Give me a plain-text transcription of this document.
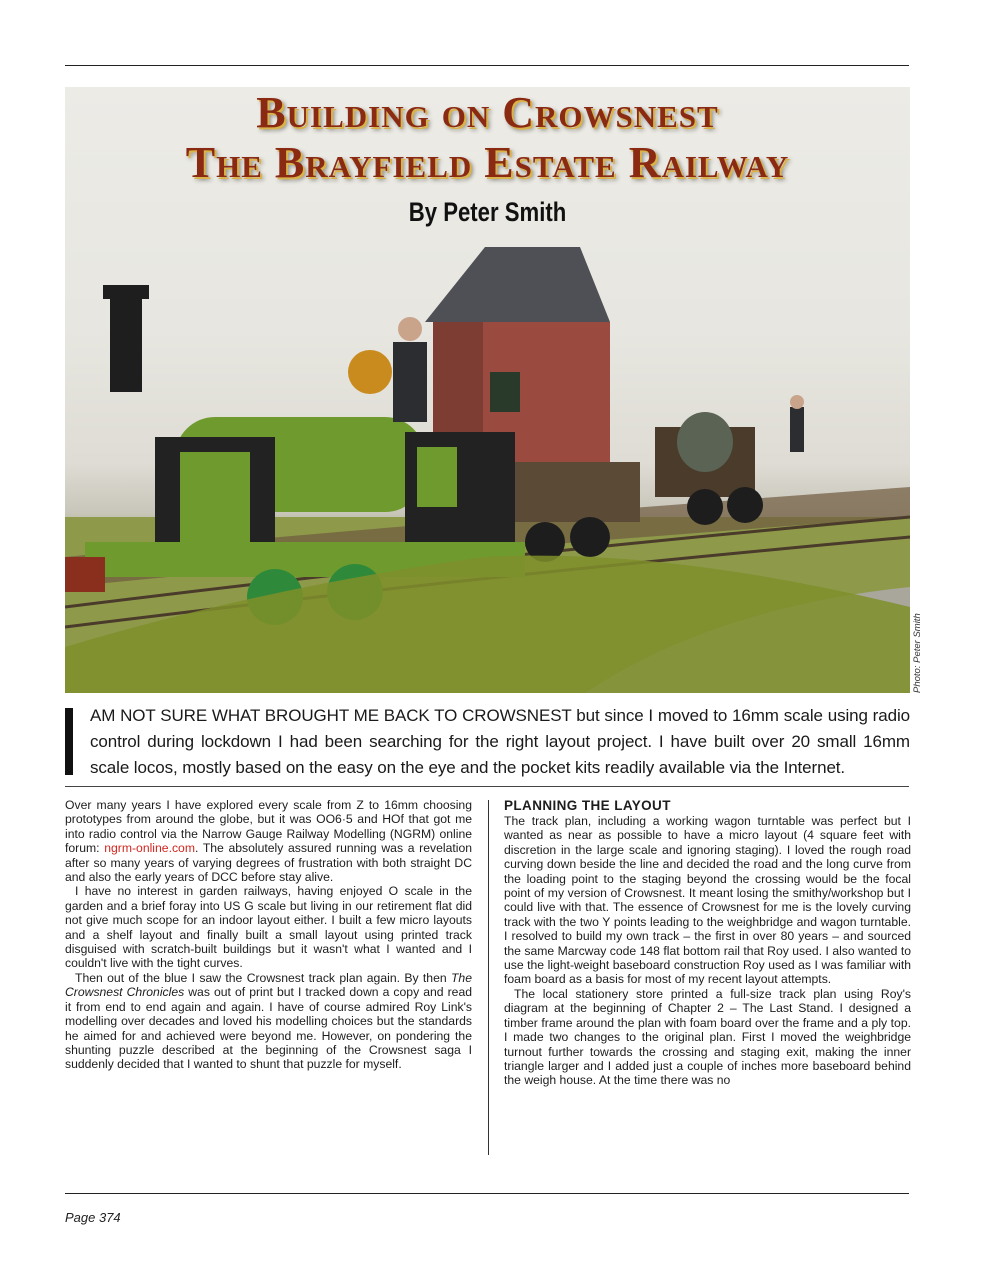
Building on Crowsnest
The Brayfield Estate Railway
By Peter Smith
Photo: Peter Smith
AM NOT SURE WHAT BROUGHT ME BACK TO CROWSNEST but since I moved to 16mm scale using radio control during lockdown I had been searching for the right layout project. I have built over 20 small 16mm scale locos, mostly based on the easy on the eye and the pocket kits readily available via the Internet.

Over many years I have explored every scale from Z to 16mm choosing prototypes from around the globe, but it was OO6·5 and HOf that got me into radio control via the Narrow Gauge Railway Modelling (NGRM) online forum: ngrm-online.com. The absolutely assured running was a revelation after so many years of varying degrees of frustration with both straight DC and also the early years of DCC before stay alive.

I have no interest in garden railways, having enjoyed O scale in the garden and a brief foray into US G scale but living in our retirement flat did not give much scope for an indoor layout either. I built a few micro layouts and a shelf layout and finally built a small layout using printed track disguised with scratch-built buildings but it wasn't what I wanted and I couldn't live with the tight curves.

Then out of the blue I saw the Crowsnest track plan again. By then The Crowsnest Chronicles was out of print but I tracked down a copy and read it from end to end again and again. I have of course admired Roy Link's modelling over decades and loved his modelling choices but the standards he aimed for and achieved were beyond me. However, on pondering the shunting puzzle described at the beginning of the Crowsnest saga I suddenly decided that I wanted to shunt that puzzle for myself.

PLANNING THE LAYOUT

The track plan, including a working wagon turntable was perfect but I wanted as near as possible to have a micro layout (4 square feet with discretion in the large scale and ignoring staging). I loved the rough road curving down beside the line and decided the road and the long curve from the loading point to the staging beyond the crossing would be the focal point of my version of Crowsnest. It meant losing the smithy/workshop but I could live with that. The essence of Crowsnest for me is the lovely curving track with the two Y points leading to the weighbridge and wagon turntable. I resolved to build my own track – the first in over 80 years – and sourced the same Marcway code 148 flat bottom rail that Roy used. I also wanted to use the light-weight baseboard construction Roy used as I was familiar with foam board as a basis for most of my recent layout attempts.

The local stationery store printed a full-size track plan using Roy's diagram at the beginning of Chapter 2 – The Last Stand. I designed a timber frame around the plan with foam board over the frame and a ply top. I made two changes to the original plan. First I moved the weighbridge turnout further towards the crossing and staging exit, making the inner triangle larger and I added just a couple of inches more baseboard behind the weigh house. At the time there was no

Page 374
